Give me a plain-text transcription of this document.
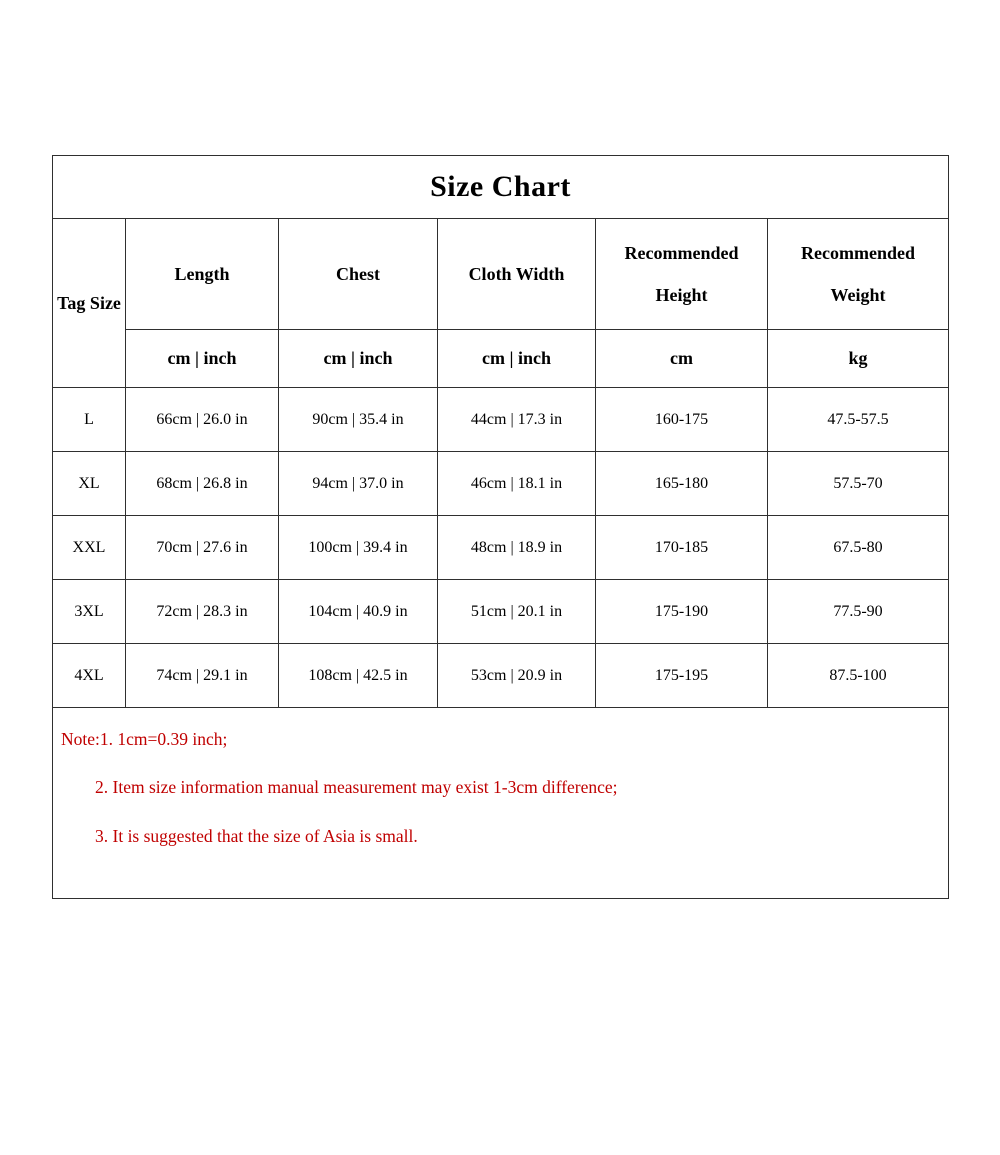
Size Chart					
Tag Size	Length	Chest	Cloth Width	Recommended Height	Recommended Weight
	cm | inch	cm | inch	cm | inch	cm	kg
L	66cm | 26.0 in	90cm | 35.4 in	44cm | 17.3 in	160-175	47.5-57.5
XL	68cm | 26.8 in	94cm | 37.0 in	46cm | 18.1 in	165-180	57.5-70
XXL	70cm | 27.6 in	100cm | 39.4 in	48cm | 18.9 in	170-185	67.5-80
3XL	72cm | 28.3 in	104cm | 40.9 in	51cm | 20.1 in	175-190	77.5-90
4XL	74cm | 29.1 in	108cm | 42.5 in	53cm | 20.9 in	175-195	87.5-100

Note:1. 1cm=0.39 inch;

2. Item size information manual measurement may exist 1-3cm difference;

3. It is suggested that the size of Asia is small.					
